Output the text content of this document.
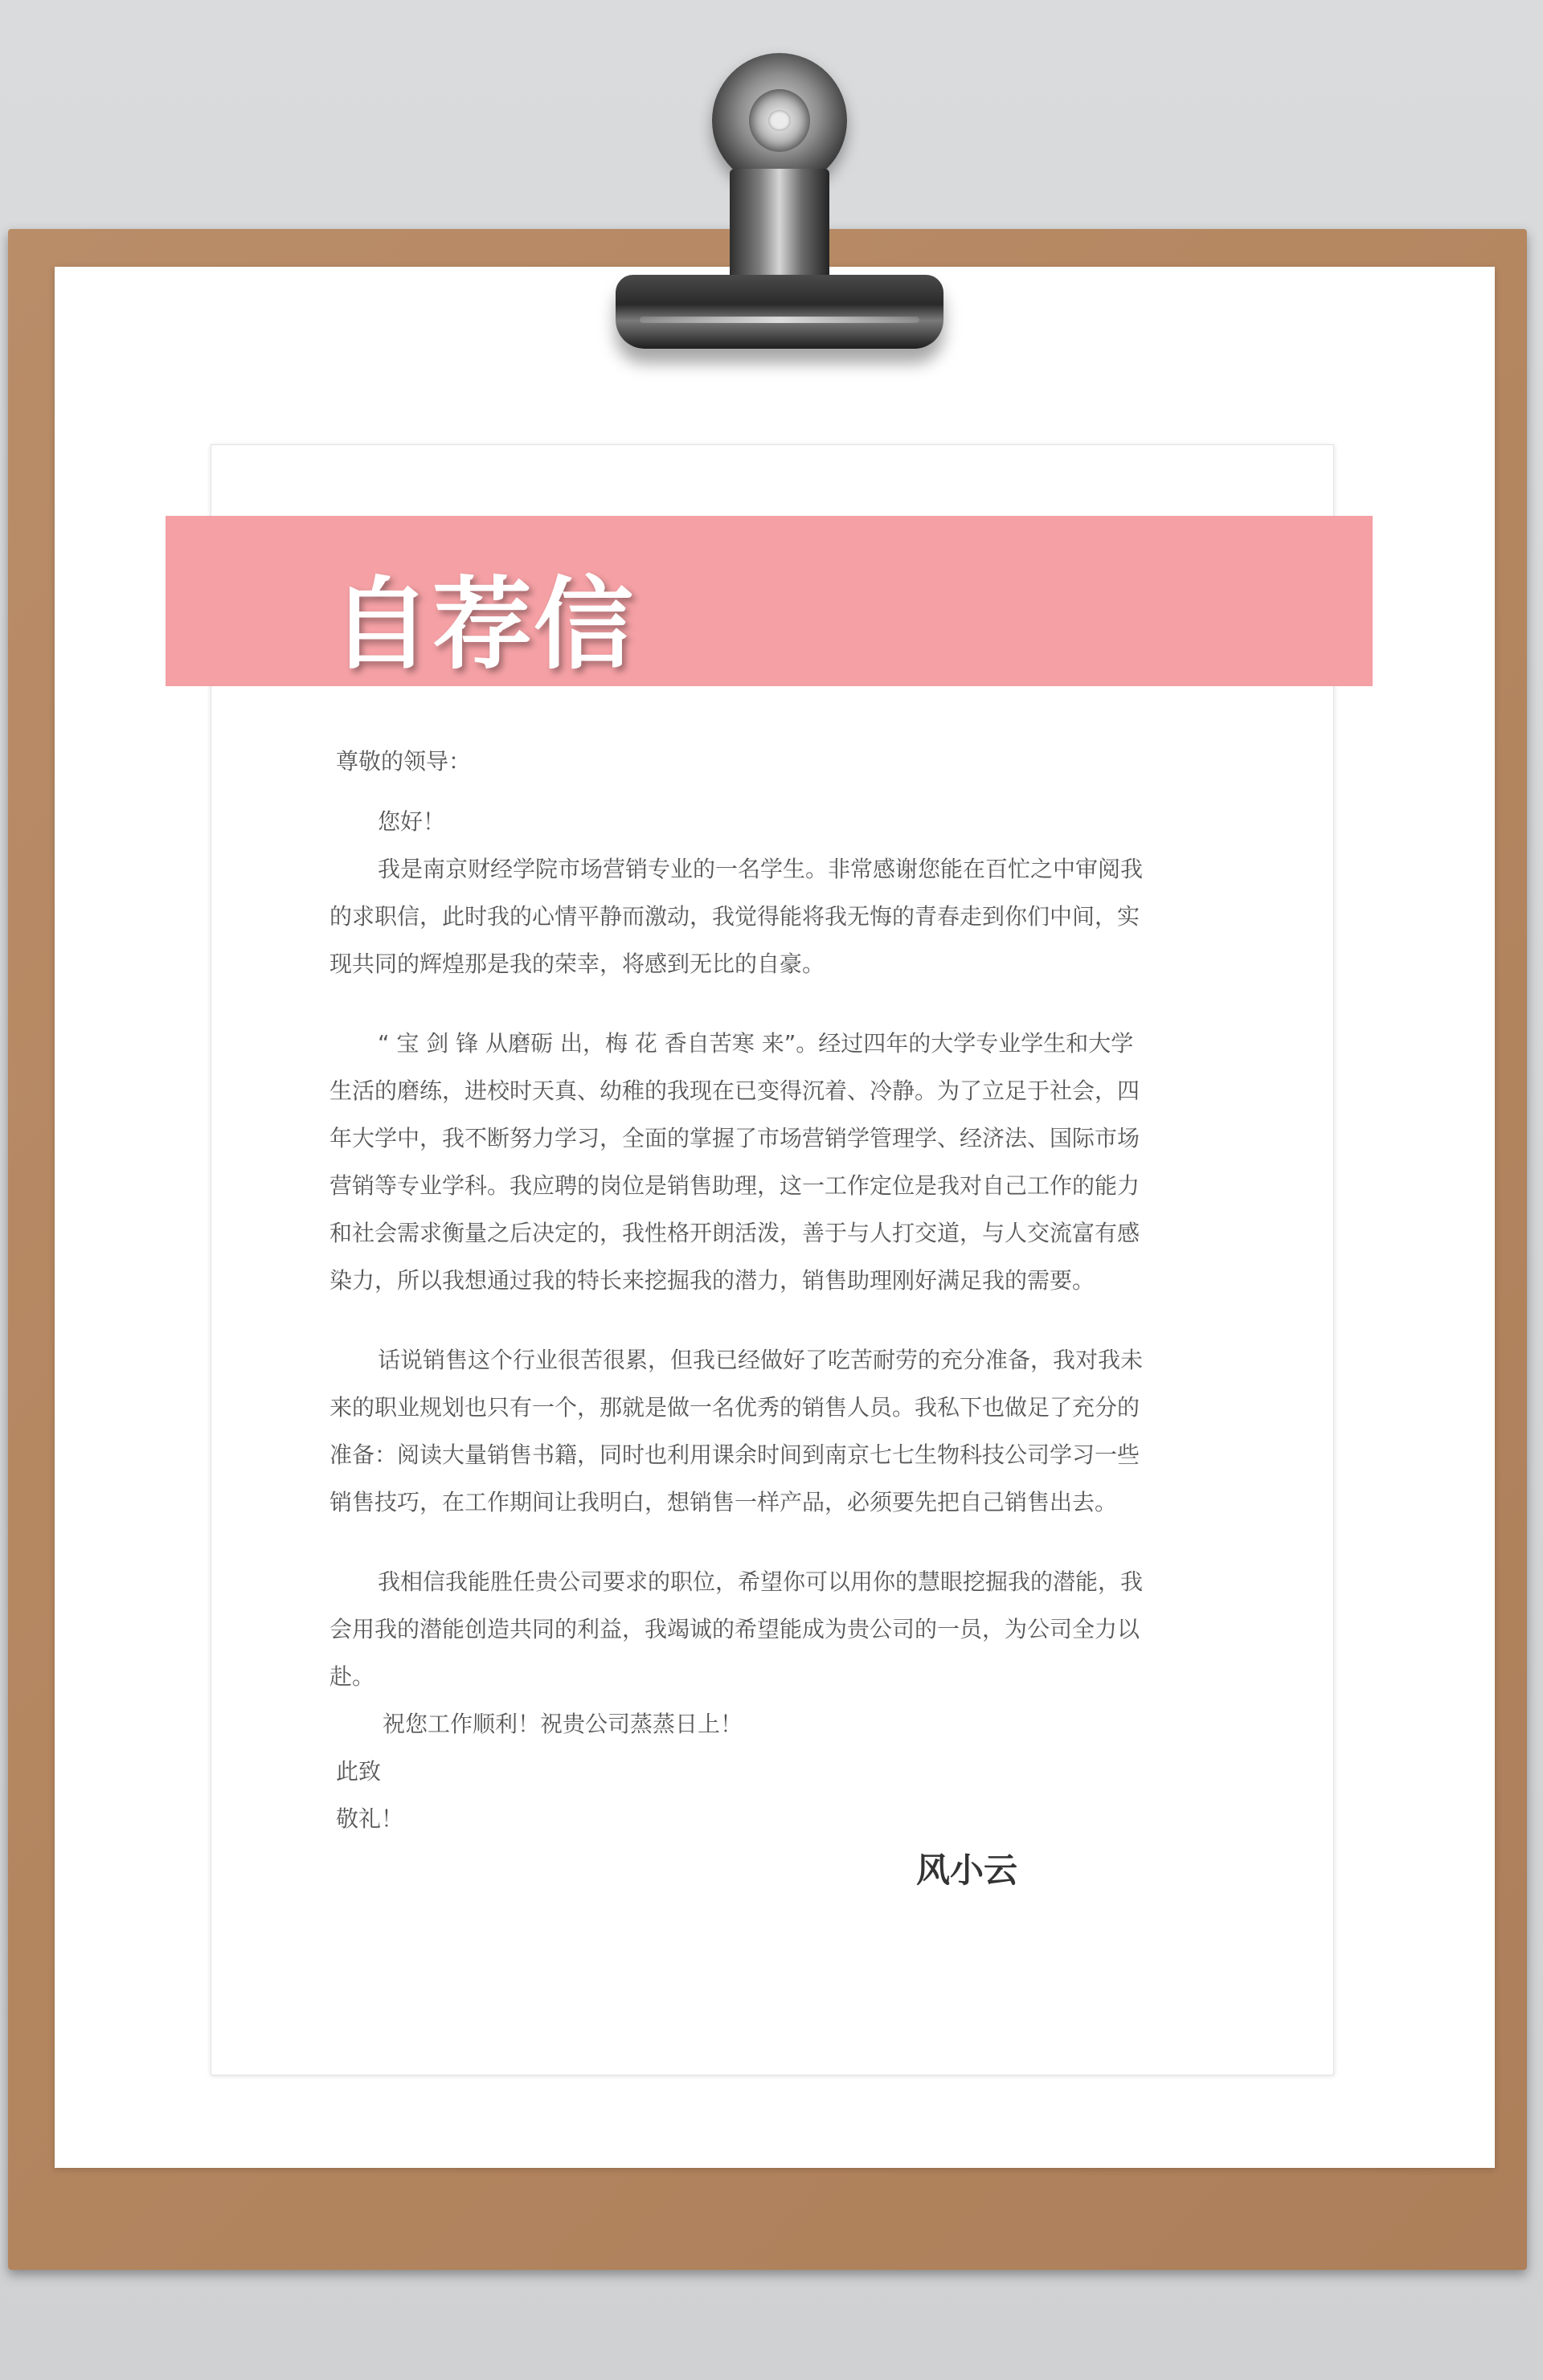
自荐信
尊敬的领导：
您好！
我是南京财经学院市场营销专业的一名学生。非常感谢您能在百忙之中审阅我
的求职信，此时我的心情平静而激动，我觉得能将我无悔的青春走到你们中间，实
现共同的辉煌那是我的荣幸，将感到无比的自豪。
“ 宝 剑 锋 从磨砺 出，梅 花 香自苦寒 来”。经过四年的大学专业学生和大学
生活的磨练，进校时天真、幼稚的我现在已变得沉着、冷静。为了立足于社会，四
年大学中，我不断努力学习，全面的掌握了市场营销学管理学、经济法、国际市场
营销等专业学科。我应聘的岗位是销售助理，这一工作定位是我对自己工作的能力
和社会需求衡量之后决定的，我性格开朗活泼，善于与人打交道，与人交流富有感
染力，所以我想通过我的特长来挖掘我的潜力，销售助理刚好满足我的需要。
话说销售这个行业很苦很累，但我已经做好了吃苦耐劳的充分准备，我对我未
来的职业规划也只有一个，那就是做一名优秀的销售人员。我私下也做足了充分的
准备：阅读大量销售书籍，同时也利用课余时间到南京七七生物科技公司学习一些
销售技巧，在工作期间让我明白，想销售一样产品，必须要先把自己销售出去。
我相信我能胜任贵公司要求的职位，希望你可以用你的慧眼挖掘我的潜能，我
会用我的潜能创造共同的利益，我竭诚的希望能成为贵公司的一员，为公司全力以
赴。
祝您工作顺利！祝贵公司蒸蒸日上！
此致
敬礼！
风小云
